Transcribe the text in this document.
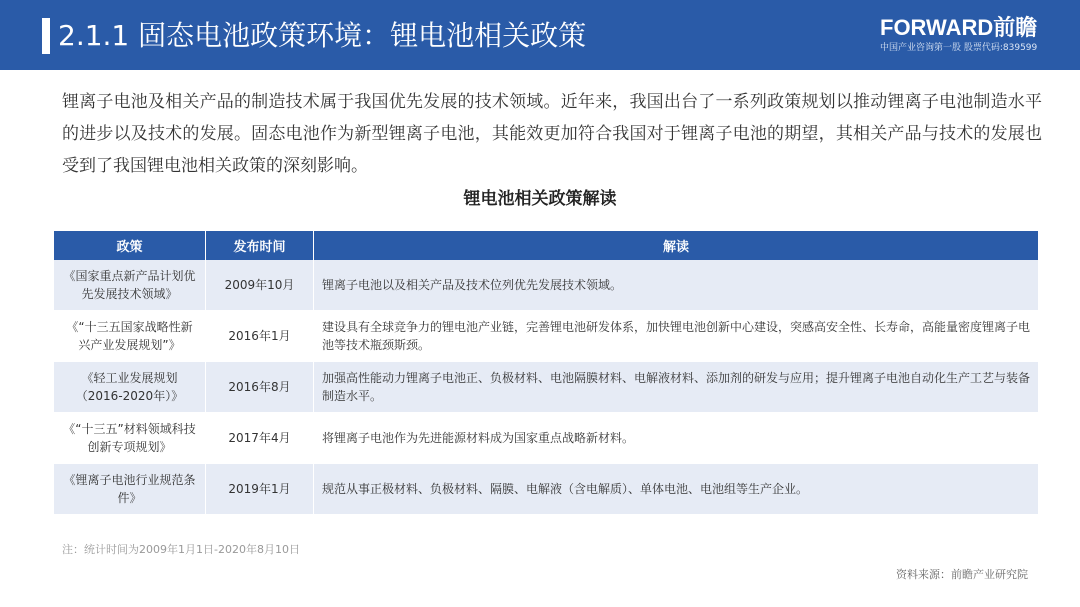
2.1.1 固态电池政策环境：锂电池相关政策	FORWARD前瞻
中国产业咨询第一股 股票代码:839599

锂离子电池及相关产品的制造技术属于我国优先发展的技术领域。近年来，我国出台了一系列政策规划以推动锂离子电池制造水平的进步以及技术的发展。固态电池作为新型锂离子电池，其能效更加符合我国对于锂离子电池的期望，其相关产品与技术的发展也受到了我国锂电池相关政策的深刻影响。

锂电池相关政策解读
政策	发布时间	解读
《国家重点新产品计划优先发展技术领域》	2009年10月	锂离子电池以及相关产品及技术位列优先发展技术领域。
《“十三五国家战略性新兴产业发展规划”》	2016年1月	建设具有全球竞争力的锂电池产业链，完善锂电池研发体系，加快锂电池创新中心建设，突感高安全性、长寿命，高能量密度锂离子电池等技术瓶颈斯颈。
《轻工业发展规划（2016-2020年）》	2016年8月	加强高性能动力锂离子电池正、负极材料、电池隔膜材料、电解液材料、添加剂的研发与应用；提升锂离子电池自动化生产工艺与装备制造水平。
《“十三五”材料领域科技创新专项规划》	2017年4月	将锂离子电池作为先进能源材料成为国家重点战略新材料。
《锂离子电池行业规范条件》	2019年1月	规范从事正极材料、负极材料、隔膜、电解液（含电解质）、单体电池、电池组等生产企业。
注：统计时间为2009年1月1日-2020年8月10日
资料来源：前瞻产业研究院
